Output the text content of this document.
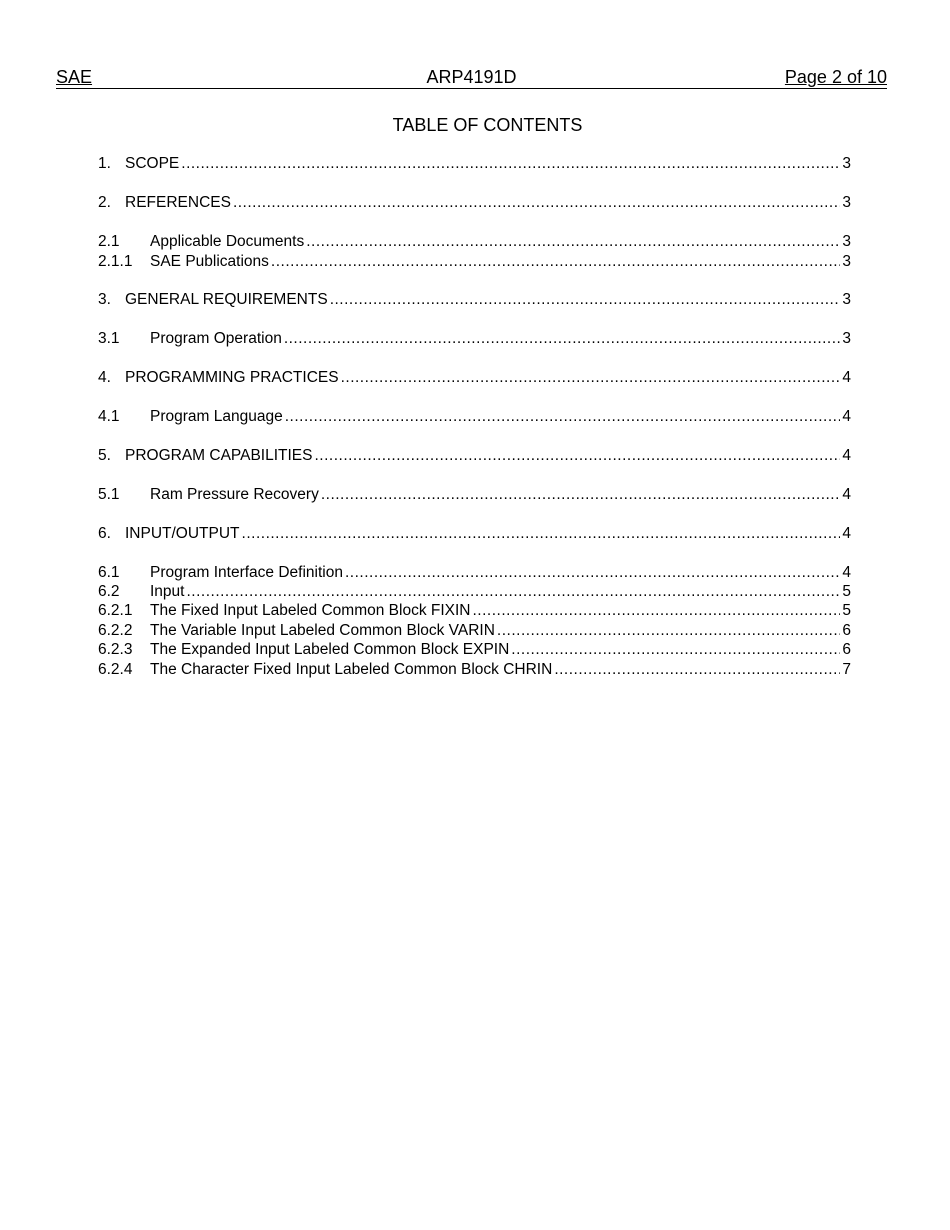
SAE	ARP4191D	Page 2 of 10
TABLE OF CONTENTS
1. SCOPE .....	3
2. REFERENCES .....	3
2.1	Applicable Documents .....	3
2.1.1	SAE Publications .....	3
3. GENERAL REQUIREMENTS .....	3
3.1	Program Operation .....	3
4. PROGRAMMING PRACTICES .....	4
4.1	Program Language .....	4
5. PROGRAM CAPABILITIES .....	4
5.1	Ram Pressure Recovery .....	4
6. INPUT/OUTPUT .....	4
6.1	Program Interface Definition .....	4
6.2	Input .....	5
6.2.1	The Fixed Input Labeled Common Block FIXIN .....	5
6.2.2	The Variable Input Labeled Common Block VARIN .....	6
6.2.3	The Expanded Input Labeled Common Block EXPIN .....	6
6.2.4	The Character Fixed Input Labeled Common Block CHRIN .....	7
